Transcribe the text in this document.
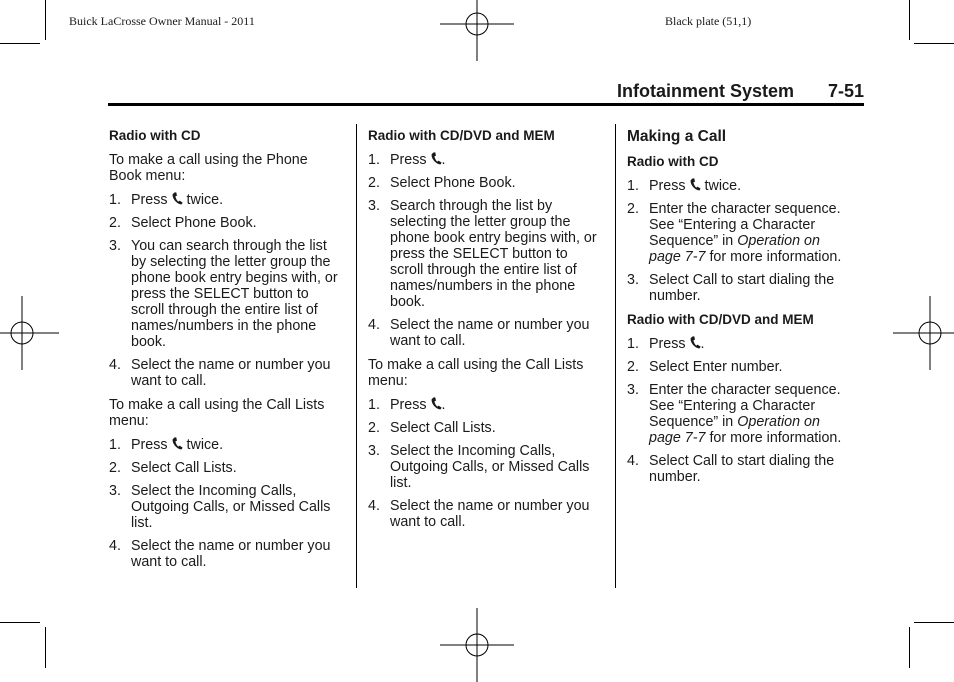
Buick LaCrosse Owner Manual - 2011	Black plate (51,1)
Infotainment System 7-51
Radio with CD

To make a call using the Phone Book menu:

1. Press twice.
2. Select Phone Book.
3. You can search through the list by selecting the letter group the phone book entry begins with, or press the SELECT button to scroll through the entire list of names/numbers in the phone book.
4. Select the name or number you want to call.

To make a call using the Call Lists menu:

1. Press twice.
2. Select Call Lists.
3. Select the Incoming Calls, Outgoing Calls, or Missed Calls list.
4. Select the name or number you want to call.
Radio with CD/DVD and MEM
1. Press .
2. Select Phone Book.
3. Search through the list by selecting the letter group the phone book entry begins with, or press the SELECT button to scroll through the entire list of names/numbers in the phone book.
4. Select the name or number you want to call.

To make a call using the Call Lists menu:

1. Press .
2. Select Call Lists.
3. Select the Incoming Calls, Outgoing Calls, or Missed Calls list.
4. Select the name or number you want to call.
Making a Call
Radio with CD
1. Press twice.
2. Enter the character sequence. See “Entering a Character Sequence” in Operation on page 7-7 for more information.
3. Select Call to start dialing the number.
Radio with CD/DVD and MEM
1. Press .
2. Select Enter number.
3. Enter the character sequence. See “Entering a Character Sequence” in Operation on page 7-7 for more information.
4. Select Call to start dialing the number.
